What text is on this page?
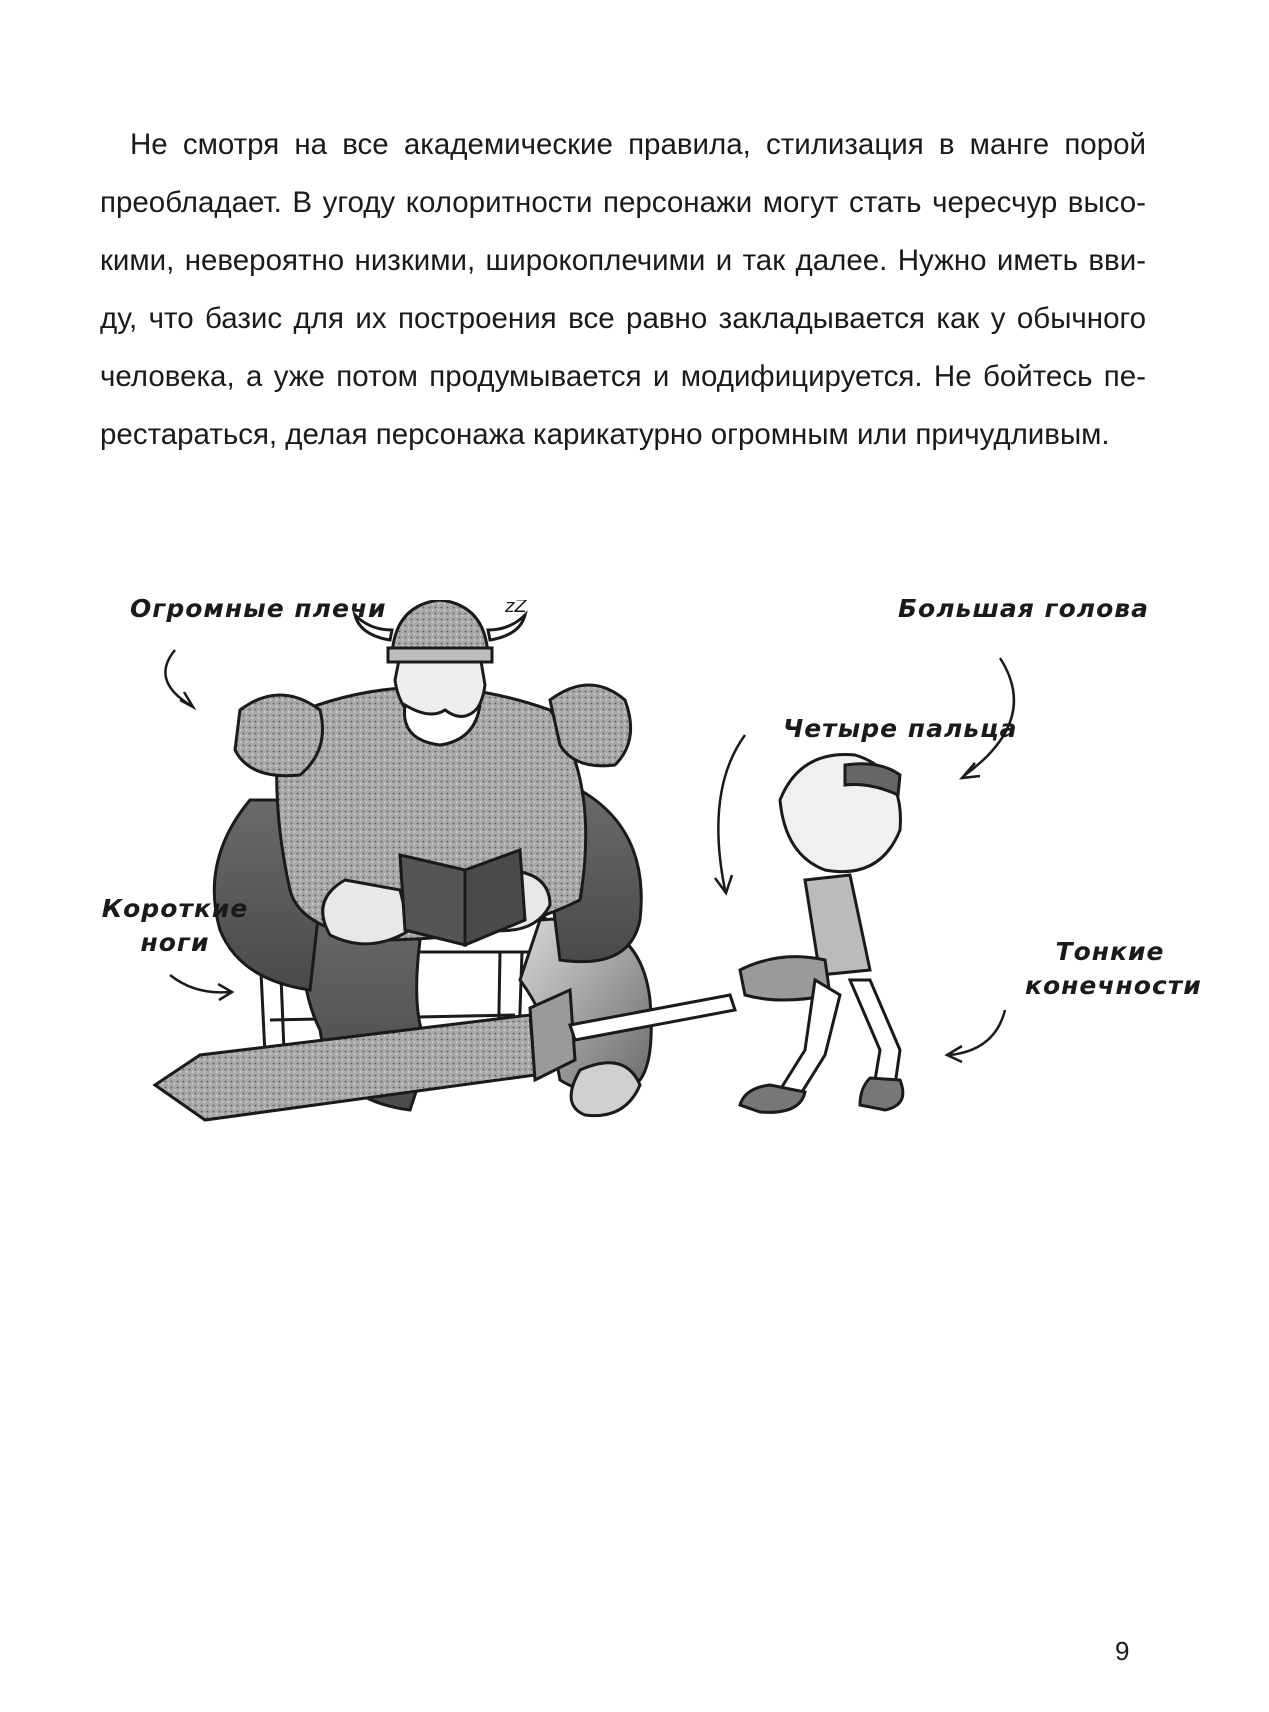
Не смотря на все академические правила, стилизация в манге порой
преобладает. В угоду колоритности персонажи могут стать чересчур высо-
кими, невероятно низкими, широкоплечими и так далее. Нужно иметь вви-
ду, что базис для их построения все равно закладывается как у обычного
человека, а уже потом продумывается и модифицируется. Не бойтесь пе-
рестараться, делая персонажа карикатурно огромным или причудливым.

zZ
Огромные плечи	Большая голова
Четыре пальца
Короткие
ноги	Тонкие
конечности
9
